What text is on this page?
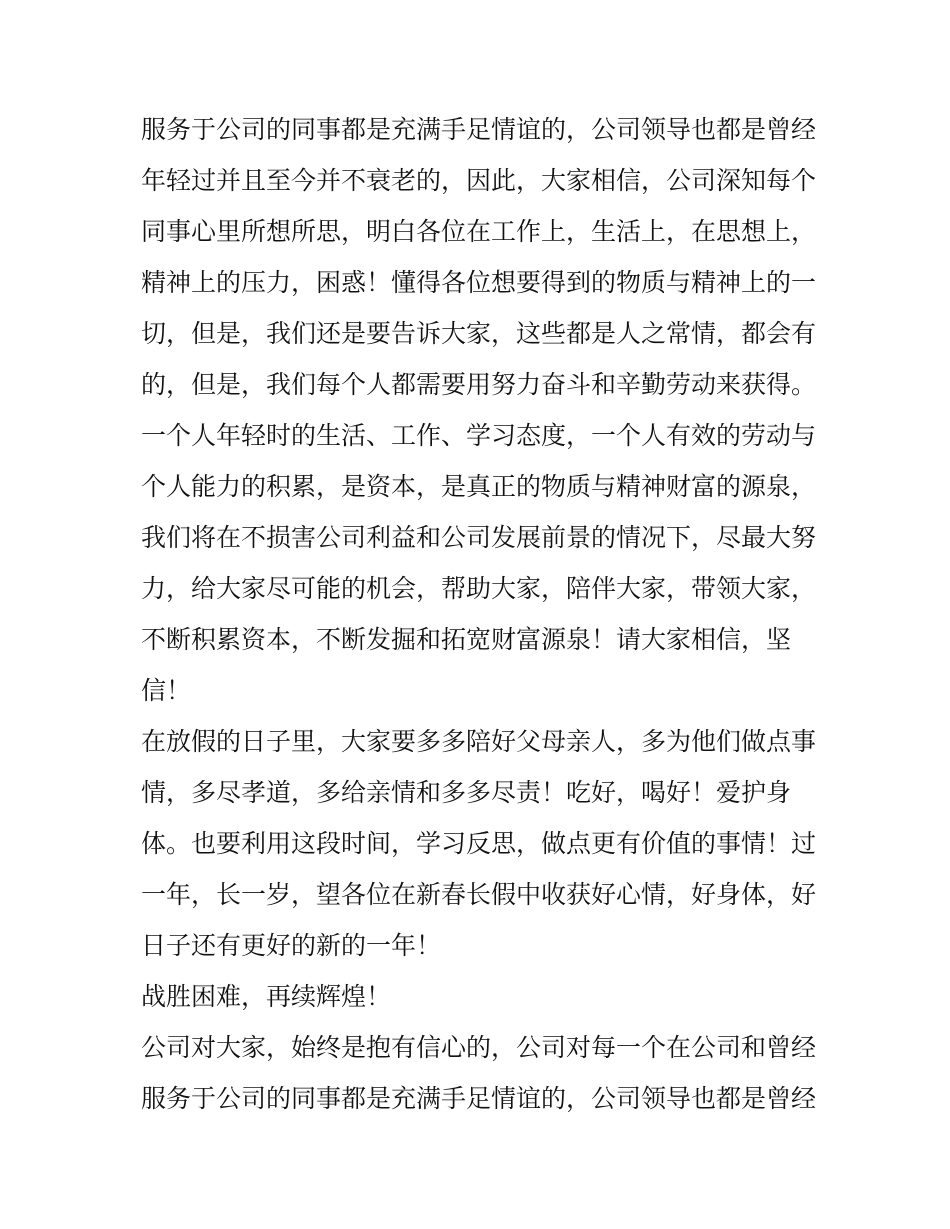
服务于公司的同事都是充满手足情谊的，公司领导也都是曾经
年轻过并且至今并不衰老的，因此，大家相信，公司深知每个
同事心里所想所思，明白各位在工作上，生活上，在思想上，
精神上的压力，困惑！懂得各位想要得到的物质与精神上的一
切，但是，我们还是要告诉大家，这些都是人之常情，都会有
的，但是，我们每个人都需要用努力奋斗和辛勤劳动来获得。
一个人年轻时的生活、工作、学习态度，一个人有效的劳动与
个人能力的积累，是资本，是真正的物质与精神财富的源泉，
我们将在不损害公司利益和公司发展前景的情况下，尽最大努
力，给大家尽可能的机会，帮助大家，陪伴大家，带领大家，
不断积累资本，不断发掘和拓宽财富源泉！请大家相信，坚
信！
在放假的日子里，大家要多多陪好父母亲人，多为他们做点事
情，多尽孝道，多给亲情和多多尽责！吃好，喝好！爱护身
体。也要利用这段时间，学习反思，做点更有价值的事情！过
一年，长一岁，望各位在新春长假中收获好心情，好身体，好
日子还有更好的新的一年！
战胜困难，再续辉煌！
公司对大家，始终是抱有信心的，公司对每一个在公司和曾经
服务于公司的同事都是充满手足情谊的，公司领导也都是曾经
